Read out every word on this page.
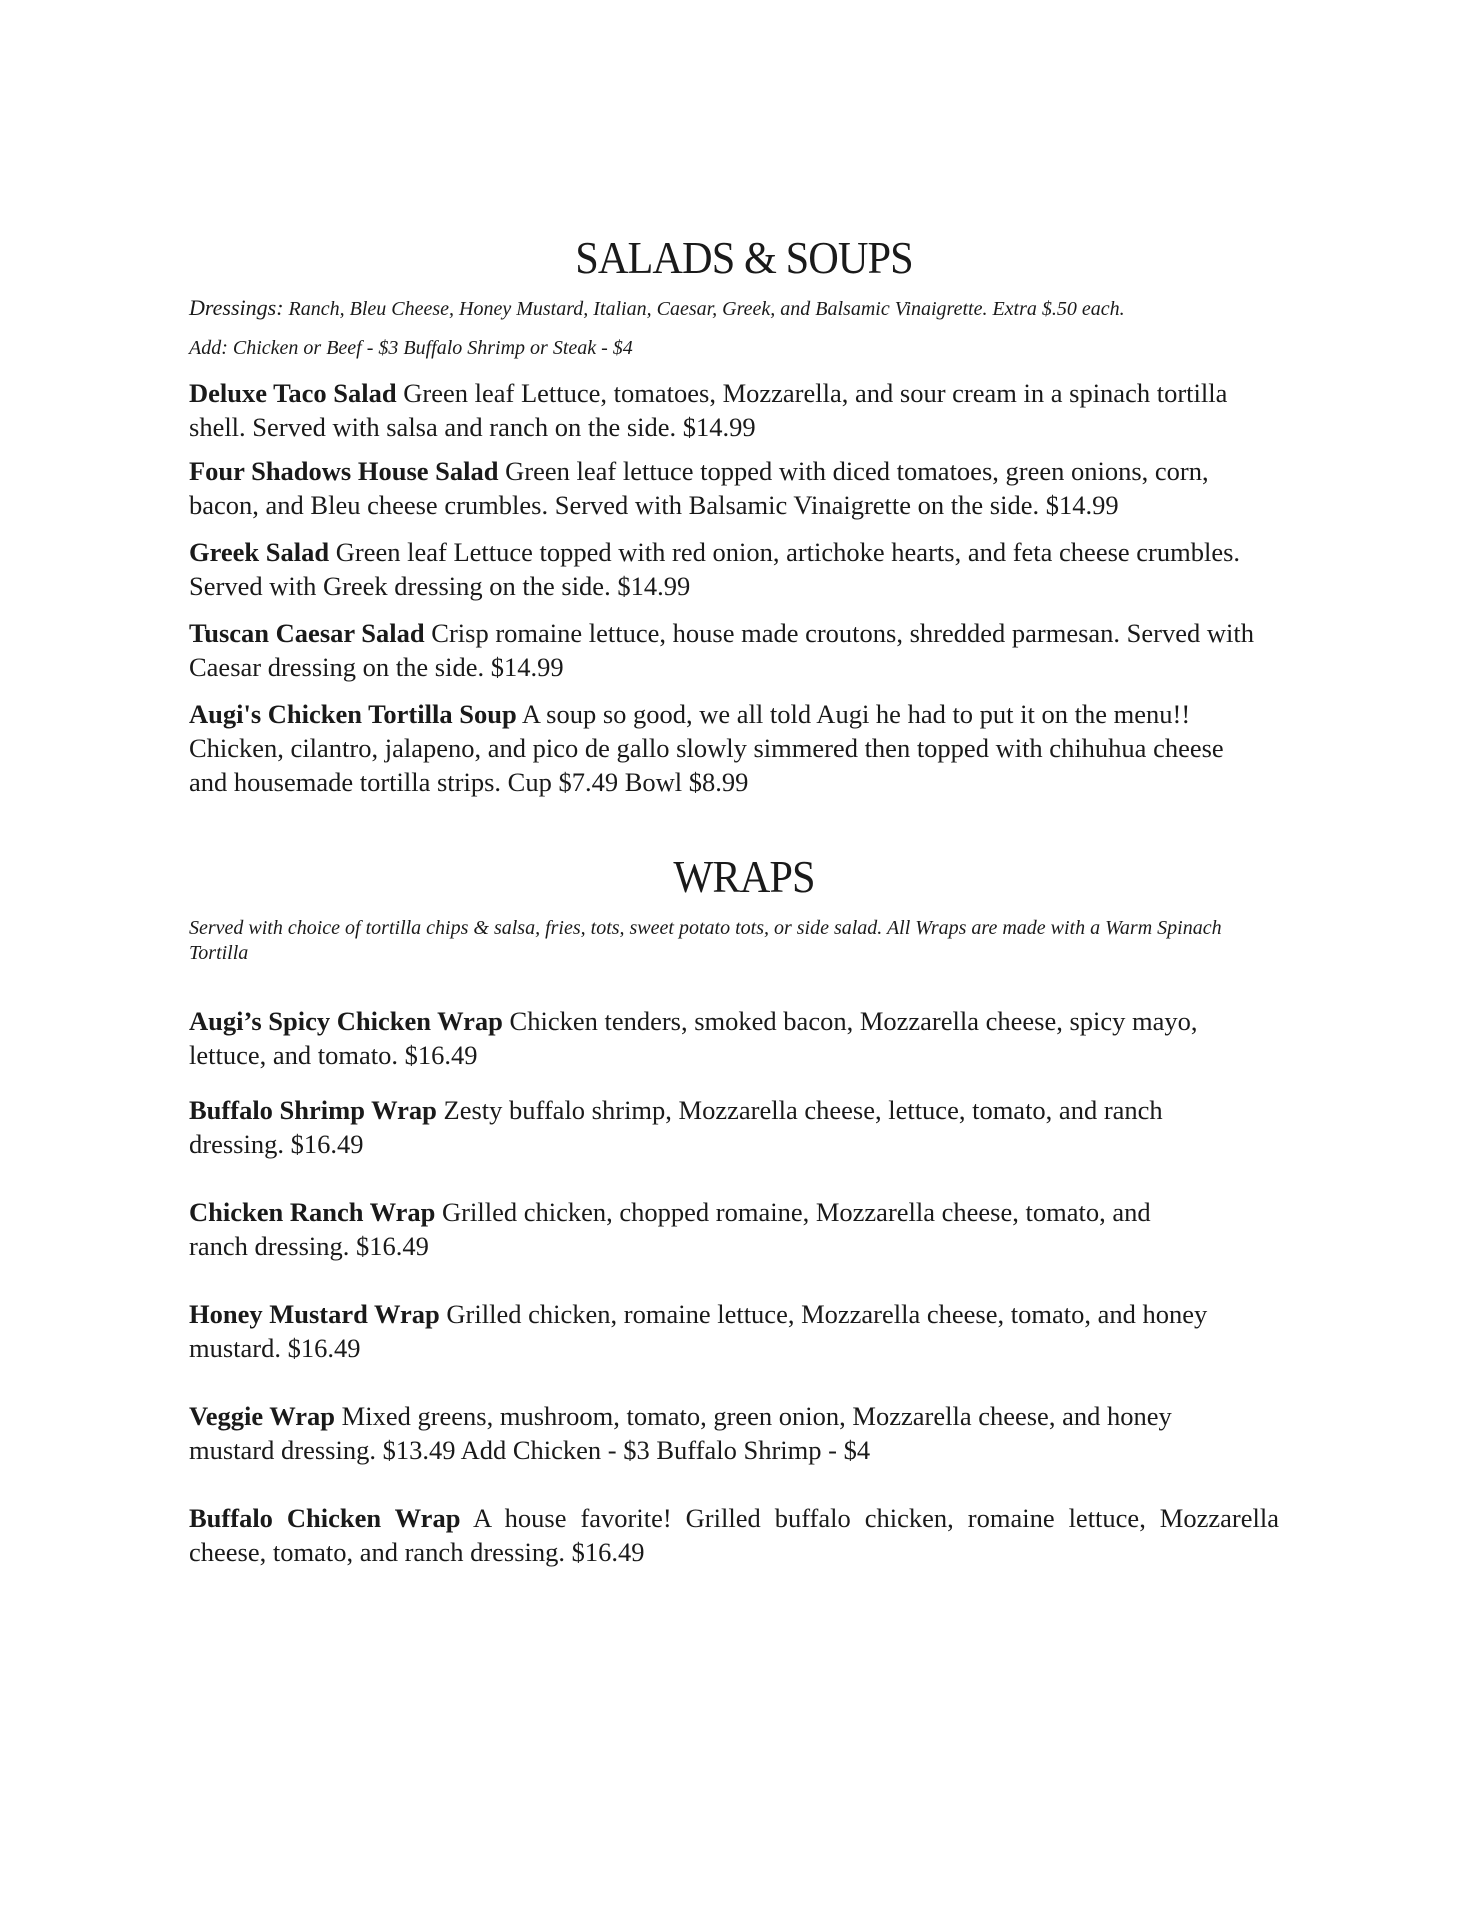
SALADS & SOUPS

Dressings: Ranch, Bleu Cheese, Honey Mustard, Italian, Caesar, Greek, and Balsamic Vinaigrette. Extra $.50 each.

Add: Chicken or Beef - $3 Buffalo Shrimp or Steak - $4

Deluxe Taco Salad Green leaf Lettuce, tomatoes, Mozzarella, and sour cream in a spinach tortilla shell. Served with salsa and ranch on the side. $14.99

Four Shadows House Salad Green leaf lettuce topped with diced tomatoes, green onions, corn, bacon, and Bleu cheese crumbles. Served with Balsamic Vinaigrette on the side. $14.99

Greek Salad Green leaf Lettuce topped with red onion, artichoke hearts, and feta cheese crumbles. Served with Greek dressing on the side. $14.99

Tuscan Caesar Salad Crisp romaine lettuce, house made croutons, shredded parmesan. Served with Caesar dressing on the side. $14.99

Augi's Chicken Tortilla Soup A soup so good, we all told Augi he had to put it on the menu!! Chicken, cilantro, jalapeno, and pico de gallo slowly simmered then topped with chihuhua cheese and housemade tortilla strips. Cup $7.49 Bowl $8.99

WRAPS

Served with choice of tortilla chips & salsa, fries, tots, sweet potato tots, or side salad. All Wraps are made with a Warm Spinach Tortilla

Augi’s Spicy Chicken Wrap Chicken tenders, smoked bacon, Mozzarella cheese, spicy mayo, lettuce, and tomato. $16.49

Buffalo Shrimp Wrap Zesty buffalo shrimp, Mozzarella cheese, lettuce, tomato, and ranch dressing. $16.49

Chicken Ranch Wrap Grilled chicken, chopped romaine, Mozzarella cheese, tomato, and ranch dressing. $16.49

Honey Mustard Wrap Grilled chicken, romaine lettuce, Mozzarella cheese, tomato, and honey mustard. $16.49

Veggie Wrap Mixed greens, mushroom, tomato, green onion, Mozzarella cheese, and honey mustard dressing. $13.49 Add Chicken - $3 Buffalo Shrimp - $4

Buffalo Chicken Wrap A house favorite! Grilled buffalo chicken, romaine lettuce, Mozzarella cheese, tomato, and ranch dressing. $16.49
